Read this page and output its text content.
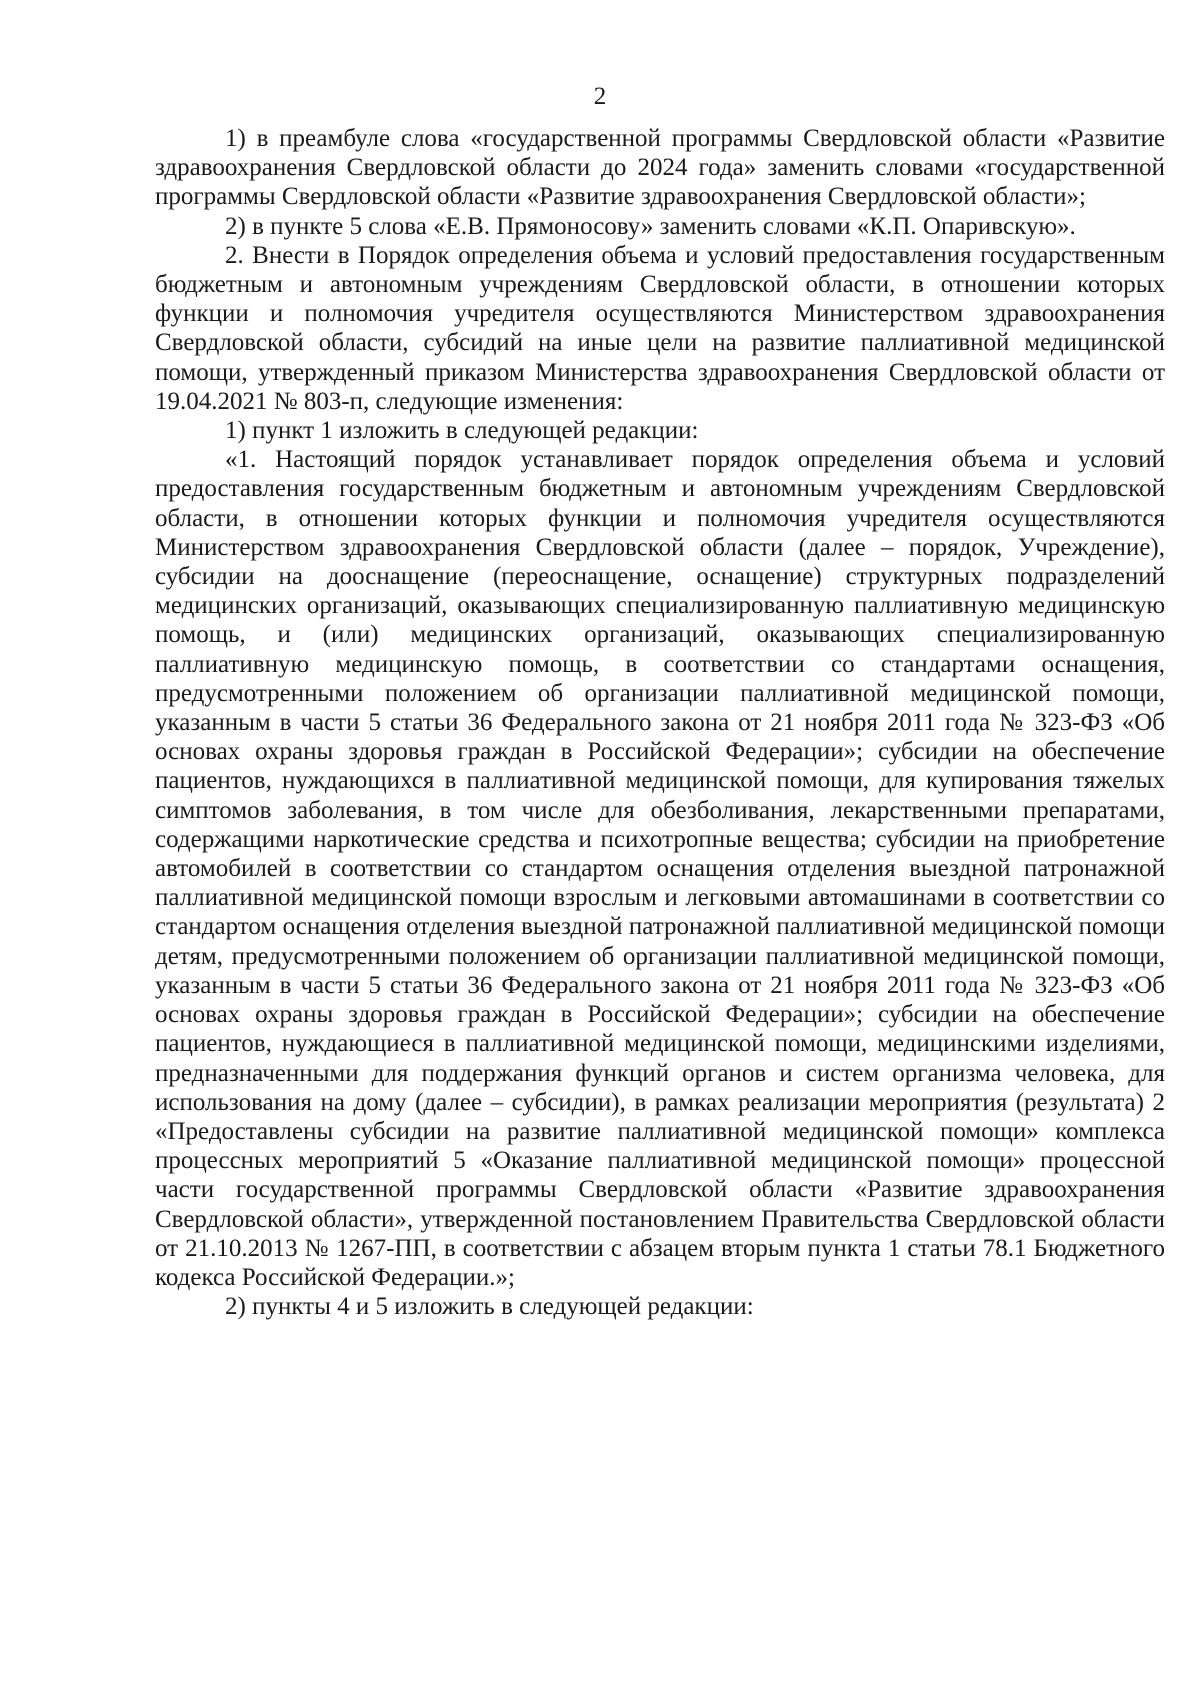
2

1) в преамбуле слова «государственной программы Свердловской области «Развитие здравоохранения Свердловской области до 2024 года» заменить словами «государственной программы Свердловской области «Развитие здравоохранения Свердловской области»;

2) в пункте 5 слова «Е.В. Прямоносову» заменить словами «К.П. Опаривскую».

2. Внести в Порядок определения объема и условий предоставления государственным бюджетным и автономным учреждениям Свердловской области, в отношении которых функции и полномочия учредителя осуществляются Министерством здравоохранения Свердловской области, субсидий на иные цели на развитие паллиативной медицинской помощи, утвержденный приказом Министерства здравоохранения Свердловской области от 19.04.2021 № 803-п, следующие изменения:

1) пункт 1 изложить в следующей редакции:

«1. Настоящий порядок устанавливает порядок определения объема и условий предоставления государственным бюджетным и автономным учреждениям Свердловской области, в отношении которых функции и полномочия учредителя осуществляются Министерством здравоохранения Свердловской области (далее – порядок, Учреждение), субсидии на дооснащение (переоснащение, оснащение) структурных подразделений медицинских организаций, оказывающих специализированную паллиативную медицинскую помощь, и (или) медицинских организаций, оказывающих специализированную паллиативную медицинскую помощь, в соответствии со стандартами оснащения, предусмотренными положением об организации паллиативной медицинской помощи, указанным в части 5 статьи 36 Федерального закона от 21 ноября 2011 года № 323-ФЗ «Об основах охраны здоровья граждан в Российской Федерации»; субсидии на обеспечение пациентов, нуждающихся в паллиативной медицинской помощи, для купирования тяжелых симптомов заболевания, в том числе для обезболивания, лекарственными препаратами, содержащими наркотические средства и психотропные вещества; субсидии на приобретение автомобилей в соответствии со стандартом оснащения отделения выездной патронажной паллиативной медицинской помощи взрослым и легковыми автомашинами в соответствии со стандартом оснащения отделения выездной патронажной паллиативной медицинской помощи детям, предусмотренными положением об организации паллиативной медицинской помощи, указанным в части 5 статьи 36 Федерального закона от 21 ноября 2011 года № 323-ФЗ «Об основах охраны здоровья граждан в Российской Федерации»; субсидии на обеспечение пациентов, нуждающиеся в паллиативной медицинской помощи, медицинскими изделиями, предназначенными для поддержания функций органов и систем организма человека, для использования на дому (далее – субсидии), в рамках реализации мероприятия (результата) 2 «Предоставлены субсидии на развитие паллиативной медицинской помощи» комплекса процессных мероприятий 5 «Оказание паллиативной медицинской помощи» процессной части государственной программы Свердловской области «Развитие здравоохранения Свердловской области», утвержденной постановлением Правительства Свердловской области от 21.10.2013 № 1267-ПП, в соответствии с абзацем вторым пункта 1 статьи 78.1 Бюджетного кодекса Российской Федерации.»;

2) пункты 4 и 5 изложить в следующей редакции:
